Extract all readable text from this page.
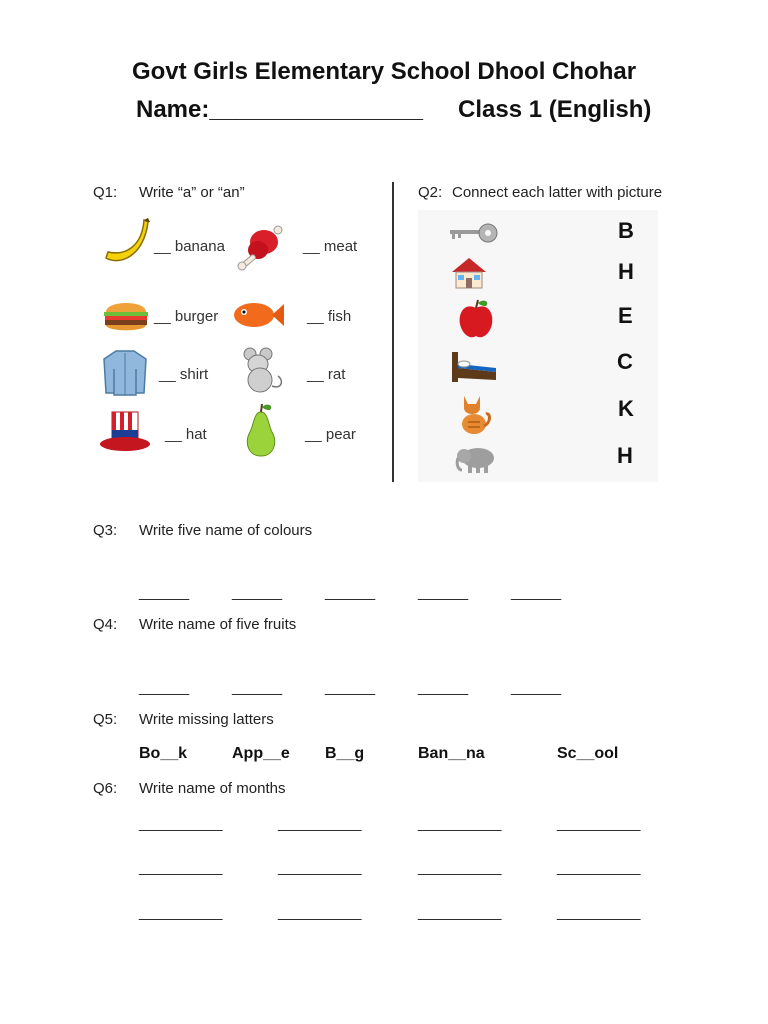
Govt Girls Elementary School Dhool Chohar
Name:________________ Class 1 (English)
Q1: Write “a” or “an”
__ banana	__ meat
__ burger	__ fish
__ shirt	__ rat
__ hat	__ pear
Q2: Connect each latter with picture
B
H
E
C
K
H
Q3: Write five name of colours
______	______	______	______	______
Q4: Write name of five fruits
______	______	______	______	______
Q5: Write missing latters
Bo__k	App__e B__g	Ban__na	Sc__ool
Q6: Write name of months
__________	__________	__________	__________
__________	__________	__________	__________
__________	__________	__________	__________
